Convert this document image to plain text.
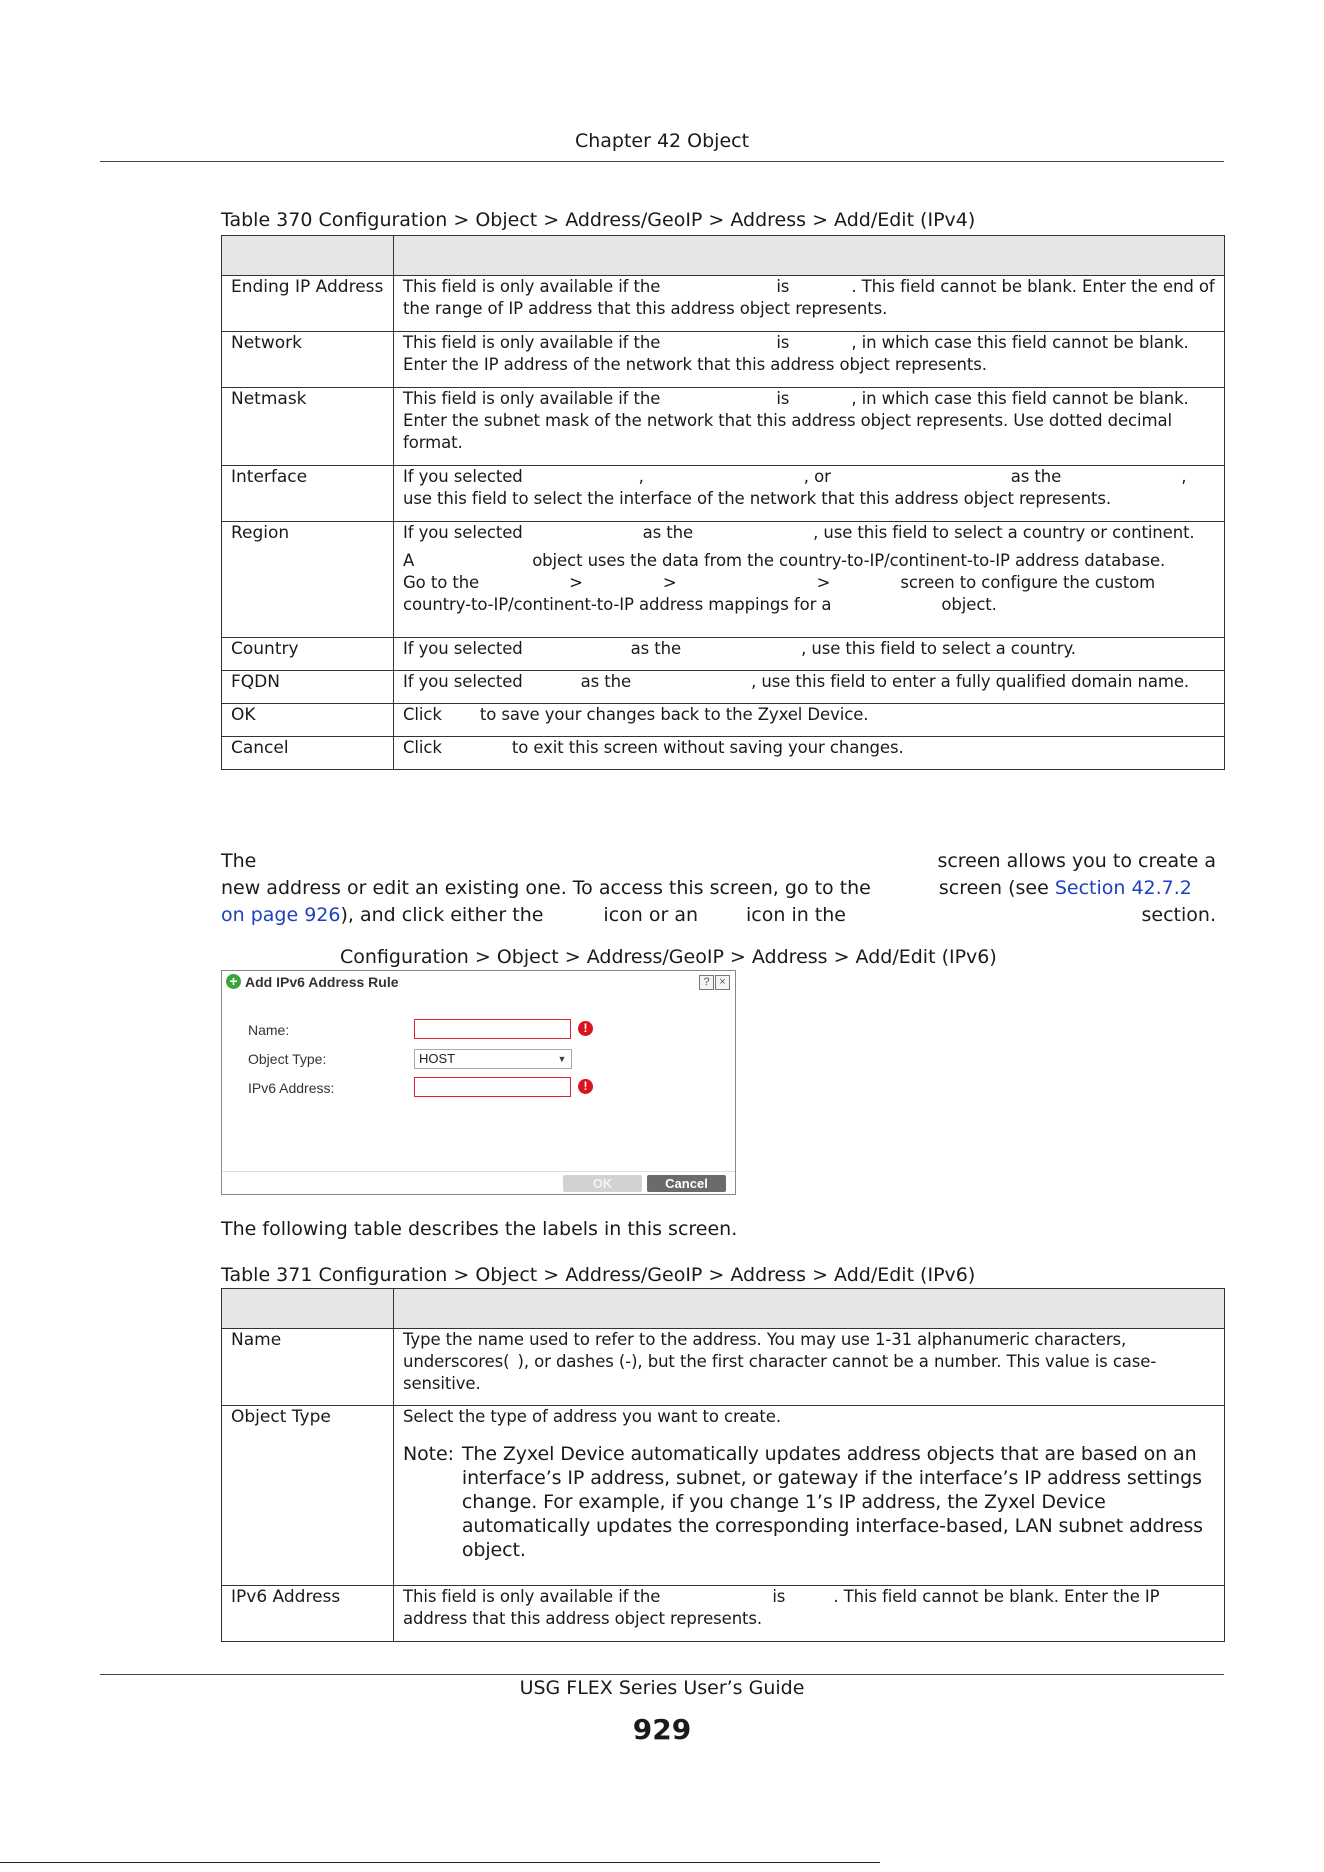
Chapter 42 Object
Table 370 Configuration > Object > Address/GeoIP > Address > Add/Edit (IPv4)

Ending IP Address	This field is only available if the is . This field cannot be blank. Enter the end of the range of IP address that this address object represents.
Network	This field is only available if the is , in which case this field cannot be blank. Enter the IP address of the network that this address object represents.
Netmask	This field is only available if the is , in which case this field cannot be blank. Enter the subnet mask of the network that this address object represents. Use dotted decimal format.
Interface	If you selected , , or as the ,
use this field to select the interface of the network that this address object represents.
Region	If you selected as the , use this field to select a country or continent.
A object uses the data from the country-to-IP/continent-to-IP address database.
Go to the > > > screen to configure the custom
country-to-IP/continent-to-IP address mappings for a object.
Country	If you selected as the , use this field to select a country.
FQDN	If you selected as the , use this field to enter a fully qualified domain name.
OK	Click to save your changes back to the Zyxel Device.
Cancel	Click to exit this screen without saving your changes.
The	screen allows you to create a
new address or edit an existing one. To access this screen, go to the	screen (see Section 42.7.2
on page 926), and click either the	icon or an	icon in the	section.
Configuration > Object > Address/GeoIP > Address > Add/Edit (IPv6)
+ Add IPv6 Address Rule	? ×
Name:	!
Object Type:	HOST	▼
IPv6 Address:	!
OK	Cancel
The following table describes the labels in this screen.
Table 371 Configuration > Object > Address/GeoIP > Address > Add/Edit (IPv6)

Name	Type the name used to refer to the address. You may use 1-31 alphanumeric characters, underscores( ), or dashes (-), but the first character cannot be a number. This value is case-sensitive.
Object Type	Select the type of address you want to create.
Note: The Zyxel Device automatically updates address objects that are based on an interface’s IP address, subnet, or gateway if the interface’s IP address settings change. For example, if you change 1’s IP address, the Zyxel Device automatically updates the corresponding interface-based, LAN subnet address object.

IPv6 Address	This field is only available if the is . This field cannot be blank. Enter the IP address that this address object represents.
USG FLEX Series User’s Guide
929
